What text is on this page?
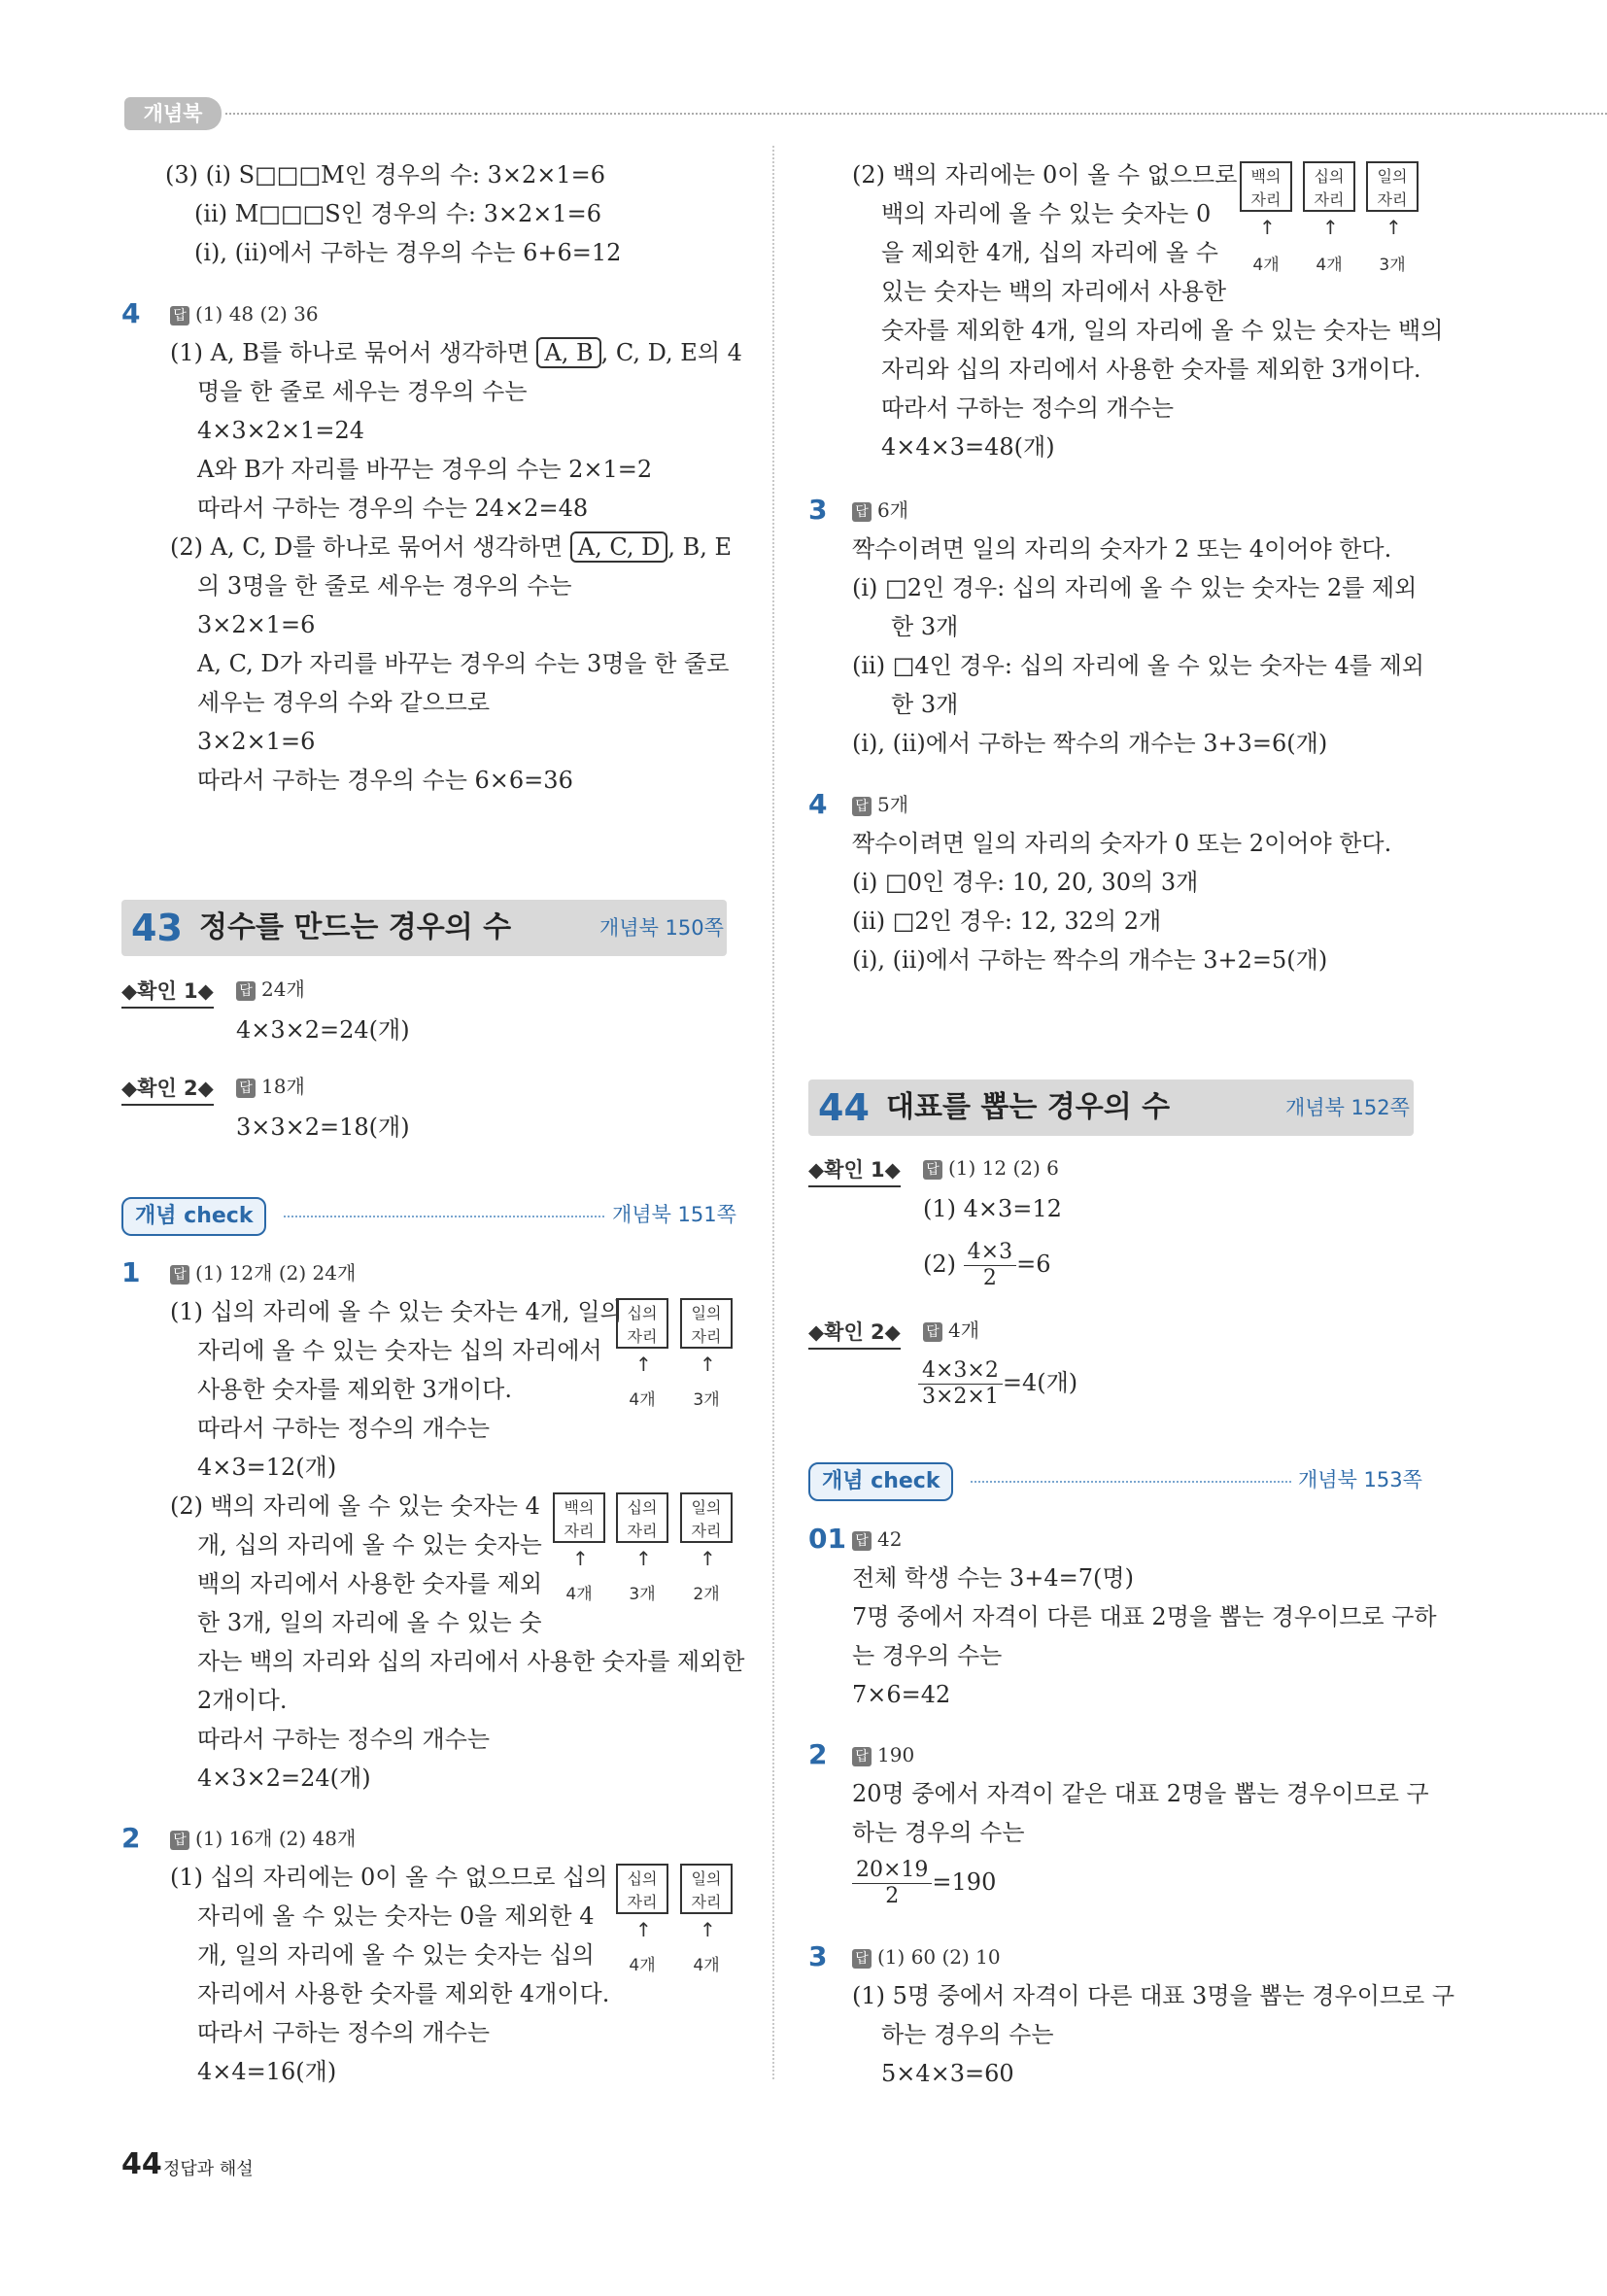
개념북
(3) (ⅰ) S□□□M인 경우의 수: 3×2×1=6
(ⅱ) M□□□S인 경우의 수: 3×2×1=6
(ⅰ), (ⅱ)에서 구하는 경우의 수는 6+6=12
4 답 (1) 48 (2) 36
(1) A, B를 하나로 묶어서 생각하면 A, B , C, D, E의 4
명을 한 줄로 세우는 경우의 수는
4×3×2×1=24
A와 B가 자리를 바꾸는 경우의 수는 2×1=2
따라서 구하는 경우의 수는 24×2=48
(2) A, C, D를 하나로 묶어서 생각하면 A, C, D , B, E
의 3명을 한 줄로 세우는 경우의 수는
3×2×1=6
A, C, D가 자리를 바꾸는 경우의 수는 3명을 한 줄로
세우는 경우의 수와 같으므로
3×2×1=6
따라서 구하는 경우의 수는 6×6=36
43 정수를 만드는 경우의 수	개념북 150쪽
◆확인 1◆ 답 24개
4×3×2=24(개)
◆확인 2◆ 답 18개
3×3×2=18(개)
개념 check	개념북 151쪽
1 답 (1) 12개 (2) 24개
(1) 십의 자리에 올 수 있는 숫자는 4개, 일의
자리에 올 수 있는 숫자는 십의 자리에서
사용한 숫자를 제외한 3개이다.
따라서 구하는 정수의 개수는
4×3=12(개)
십의
자리
일의
자리
↑ ↑
4개	3개
(2) 백의 자리에 올 수 있는 숫자는 4
개, 십의 자리에 올 수 있는 숫자는
백의 자리에서 사용한 숫자를 제외
한 3개, 일의 자리에 올 수 있는 숫
자는 백의 자리와 십의 자리에서 사용한 숫자를 제외한
2개이다.
따라서 구하는 정수의 개수는
4×3×2=24(개)
백의
자리
십의
자리
일의
자리
↑ ↑ ↑
4개	3개	2개
2 답 (1) 16개 (2) 48개
(1) 십의 자리에는 0이 올 수 없으므로 십의
자리에 올 수 있는 숫자는 0을 제외한 4
개, 일의 자리에 올 수 있는 숫자는 십의
자리에서 사용한 숫자를 제외한 4개이다.
따라서 구하는 정수의 개수는
4×4=16(개)
십의
자리
일의
자리
↑ ↑
4개	4개
(2) 백의 자리에는 0이 올 수 없으므로
백의 자리에 올 수 있는 숫자는 0
을 제외한 4개, 십의 자리에 올 수
있는 숫자는 백의 자리에서 사용한
숫자를 제외한 4개, 일의 자리에 올 수 있는 숫자는 백의
자리와 십의 자리에서 사용한 숫자를 제외한 3개이다.
따라서 구하는 정수의 개수는
4×4×3=48(개)
백의
자리
십의
자리
일의
자리
↑ ↑ ↑
4개	4개	3개
3 답 6개
짝수이려면 일의 자리의 숫자가 2 또는 4이어야 한다.
(ⅰ) □2인 경우: 십의 자리에 올 수 있는 숫자는 2를 제외
한 3개
(ⅱ) □4인 경우: 십의 자리에 올 수 있는 숫자는 4를 제외
한 3개
(ⅰ), (ⅱ)에서 구하는 짝수의 개수는 3+3=6(개)
4 답 5개
짝수이려면 일의 자리의 숫자가 0 또는 2이어야 한다.
(ⅰ) □0인 경우: 10, 20, 30의 3개
(ⅱ) □2인 경우: 12, 32의 2개
(ⅰ), (ⅱ)에서 구하는 짝수의 개수는 3+2=5(개)
44 대표를 뽑는 경우의 수	개념북 152쪽
◆확인 1◆ 답 (1) 12 (2) 6
(1) 4×3=12
$(2) \frac{4\times 3}{2} =6$
◆확인 2◆ 답 4개
$\frac{4\times 3\times 2}{3\times 2\times 1} =4$(개)
개념 check	개념북 153쪽
01 답 42
전체 학생 수는 3+4=7(명)
7명 중에서 자격이 다른 대표 2명을 뽑는 경우이므로 구하
는 경우의 수는
7×6=42
2 답 190
20명 중에서 자격이 같은 대표 2명을 뽑는 경우이므로 구
하는 경우의 수는
$\frac{20\times 19}{2} =190$
3 답 (1) 60 (2) 10
(1) 5명 중에서 자격이 다른 대표 3명을 뽑는 경우이므로 구
하는 경우의 수는
5×4×3=60
44 정답과 해설
